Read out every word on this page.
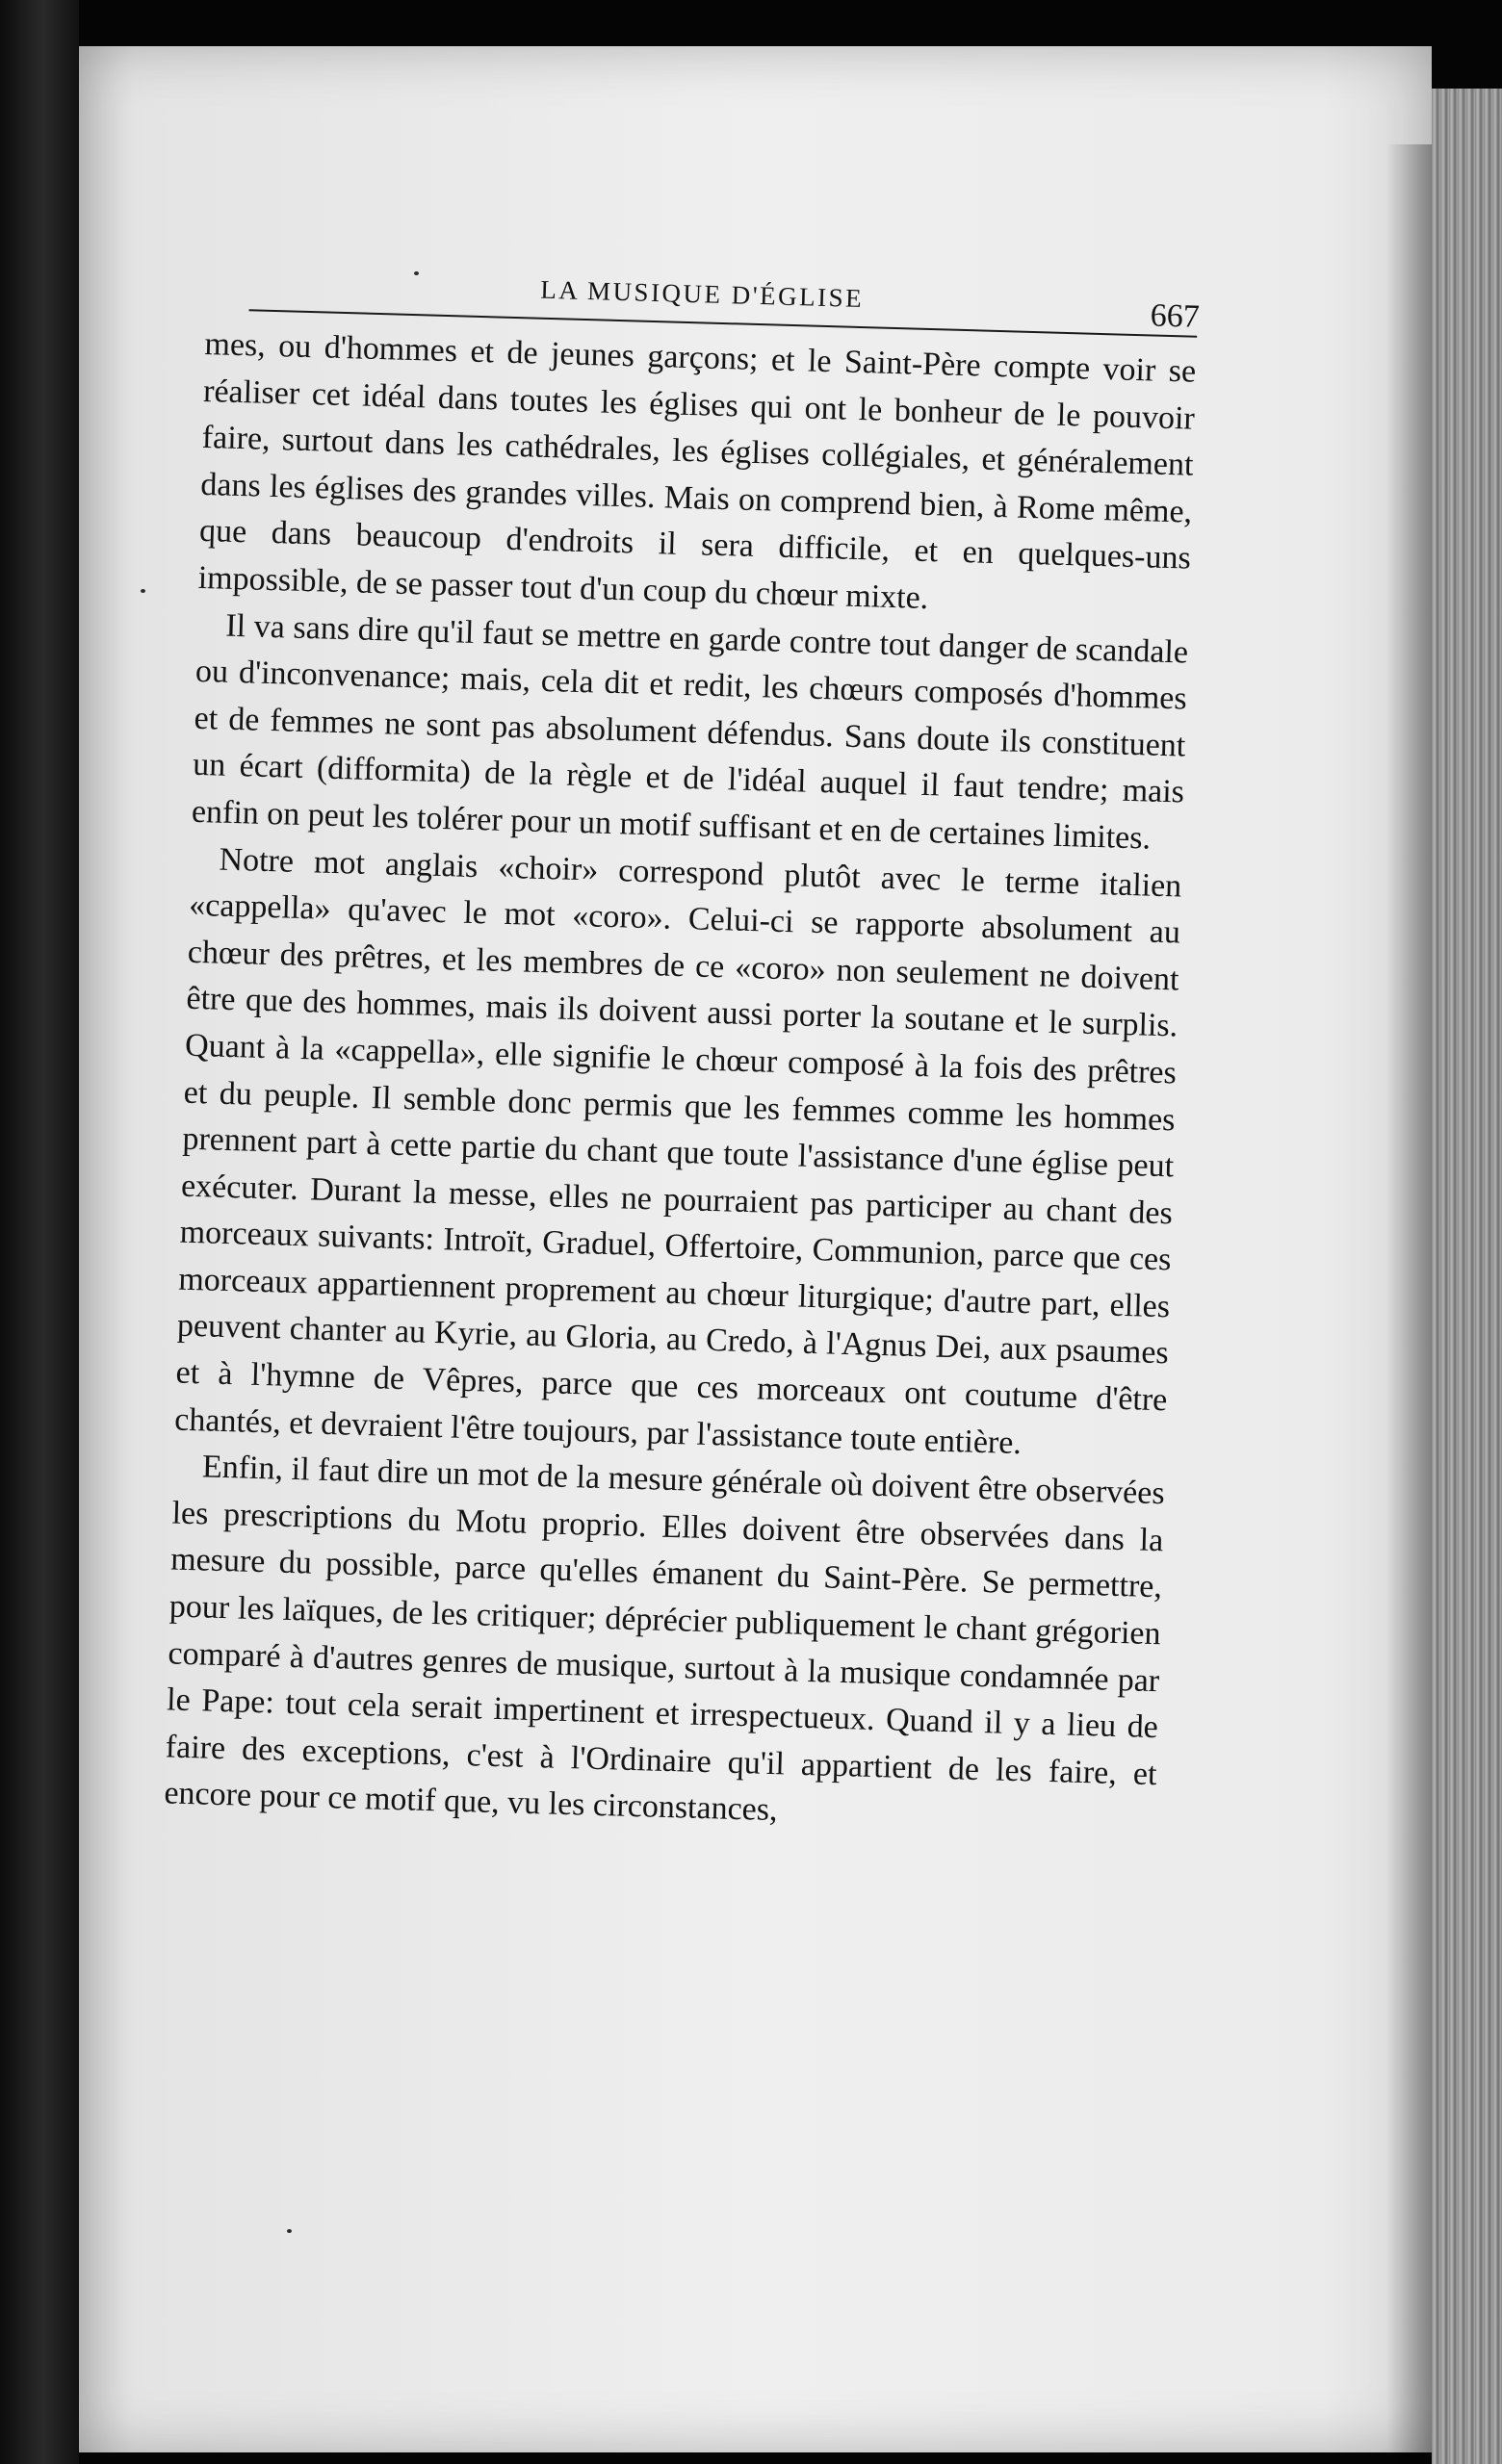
LA MUSIQUE D'ÉGLISE
667

mes, ou d'hommes et de jeunes garçons; et le Saint-Père compte voir se réaliser cet idéal dans toutes les églises qui ont le bonheur de le pouvoir faire, surtout dans les cathédrales, les églises collégiales, et généralement dans les églises des grandes villes. Mais on comprend bien, à Rome même, que dans beaucoup d'endroits il sera difficile, et en quelques-uns impossible, de se passer tout d'un coup du chœur mixte.

Il va sans dire qu'il faut se mettre en garde contre tout danger de scandale ou d'inconvenance; mais, cela dit et redit, les chœurs composés d'hommes et de femmes ne sont pas absolument défendus. Sans doute ils constituent un écart (difformita) de la règle et de l'idéal auquel il faut tendre; mais enfin on peut les tolérer pour un motif suffisant et en de certaines limites.

Notre mot anglais «choir» correspond plutôt avec le terme italien «cappella» qu'avec le mot «coro». Celui-ci se rapporte absolument au chœur des prêtres, et les membres de ce «coro» non seulement ne doivent être que des hommes, mais ils doivent aussi porter la soutane et le surplis. Quant à la «cappella», elle signifie le chœur composé à la fois des prêtres et du peuple. Il semble donc permis que les femmes comme les hommes prennent part à cette partie du chant que toute l'assistance d'une église peut exécuter. Durant la messe, elles ne pourraient pas participer au chant des morceaux suivants: Introït, Graduel, Offertoire, Communion, parce que ces morceaux appartiennent proprement au chœur liturgique; d'autre part, elles peuvent chanter au Kyrie, au Gloria, au Credo, à l'Agnus Dei, aux psaumes et à l'hymne de Vêpres, parce que ces morceaux ont coutume d'être chantés, et devraient l'être toujours, par l'assistance toute entière.

Enfin, il faut dire un mot de la mesure générale où doivent être observées les prescriptions du Motu proprio. Elles doivent être observées dans la mesure du possible, parce qu'elles émanent du Saint-Père. Se permettre, pour les laïques, de les critiquer; déprécier publiquement le chant grégorien comparé à d'autres genres de musique, surtout à la musique condamnée par le Pape: tout cela serait impertinent et irrespectueux. Quand il y a lieu de faire des exceptions, c'est à l'Ordinaire qu'il appartient de les faire, et encore pour ce motif que, vu les circonstances,
